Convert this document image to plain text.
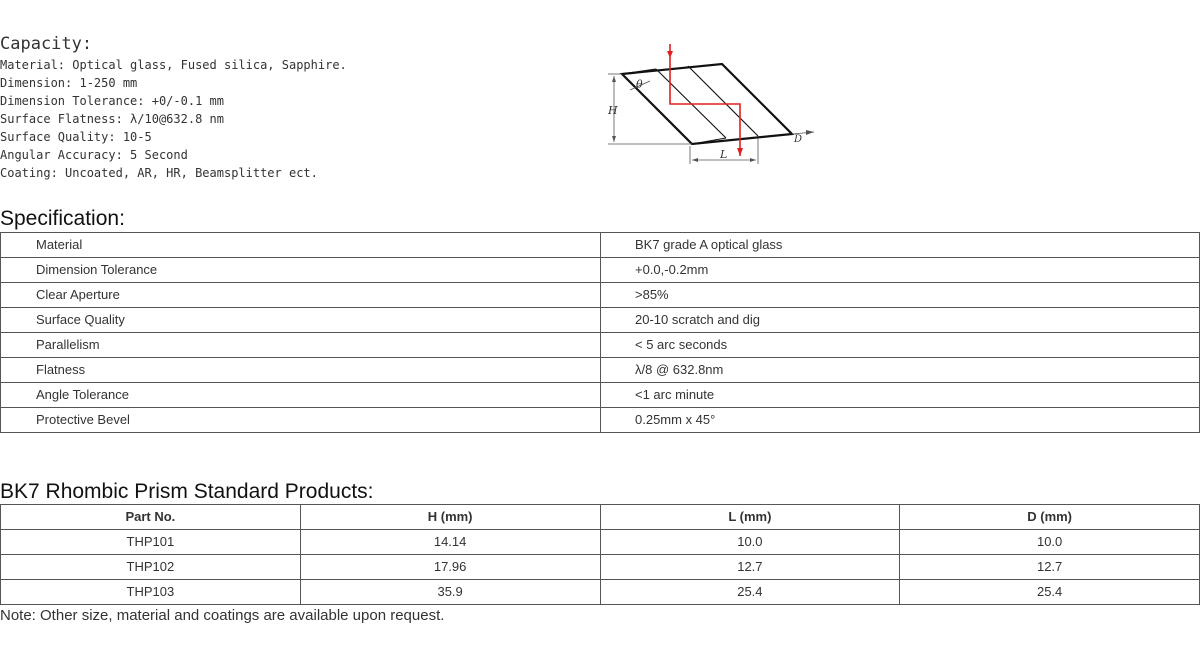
Capacity:
Material: Optical glass, Fused silica, Sapphire.
Dimension: 1-250 mm
Dimension Tolerance: +0/-0.1 mm
Surface Flatness: λ/10@632.8 nm
Surface Quality: 10-5
Angular Accuracy: 5 Second
Coating: Uncoated, AR, HR, Beamsplitter ect.
θ
H
L
D
Specification:
Material	BK7 grade A optical glass
Dimension Tolerance	+0.0,-0.2mm
Clear Aperture	>85%
Surface Quality	20-10 scratch and dig
Parallelism	< 5 arc seconds
Flatness	λ/8 @ 632.8nm
Angle Tolerance	<1 arc minute
Protective Bevel	0.25mm x 45°
BK7 Rhombic Prism Standard Products:
Part No.	H (mm)	L (mm)	D (mm)
THP101	14.14	10.0	10.0
THP102	17.96	12.7	12.7
THP103	35.9	25.4	25.4
Note: Other size, material and coatings are available upon request.
